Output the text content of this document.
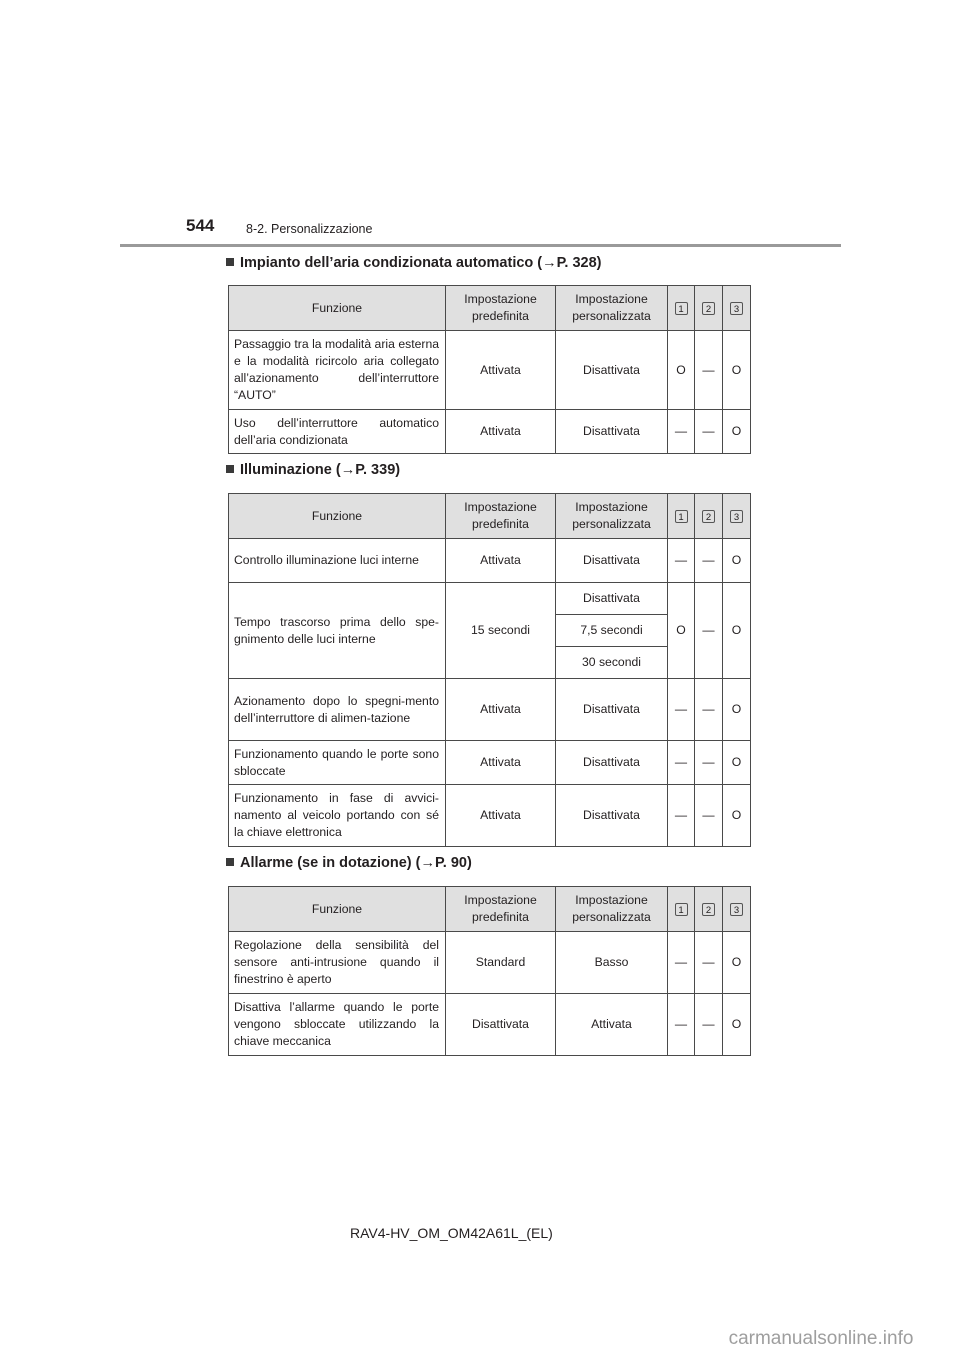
544	8-2. Personalizzazione
Impianto dell’aria condizionata automatico (→P. 328)
Funzione	Impostazione predefinita	Impostazione personalizzata	1	2	3
Passaggio tra la modalità aria esterna e la modalità ricircolo aria collegato all’azionamento dell’interruttore “AUTO”	Attivata	Disattivata	O	—	O
Uso dell’interruttore automatico dell’aria condizionata	Attivata	Disattivata	—	—	O
Illuminazione (→P. 339)
Funzione	Impostazione predefinita	Impostazione personalizzata	1	2	3
Controllo illuminazione luci interne	Attivata	Disattivata	—	—	O
Tempo trascorso prima dello spe-gnimento delle luci interne	15 secondi	Disattivata	O	—	O
		7,5 secondi			
		30 secondi			
Azionamento dopo lo spegni-mento dell’interruttore di alimen-tazione	Attivata	Disattivata	—	—	O
Funzionamento quando le porte sono sbloccate	Attivata	Disattivata	—	—	O
Funzionamento in fase di avvici-namento al veicolo portando con sé la chiave elettronica	Attivata	Disattivata	—	—	O
Allarme (se in dotazione) (→P. 90)
Funzione	Impostazione predefinita	Impostazione personalizzata	1	2	3
Regolazione della sensibilità del sensore anti-intrusione quando il finestrino è aperto	Standard	Basso	—	—	O
Disattiva l’allarme quando le porte vengono sbloccate utilizzando la chiave meccanica	Disattivata	Attivata	—	—	O
RAV4-HV_OM_OM42A61L_(EL)
carmanualsonline.info
